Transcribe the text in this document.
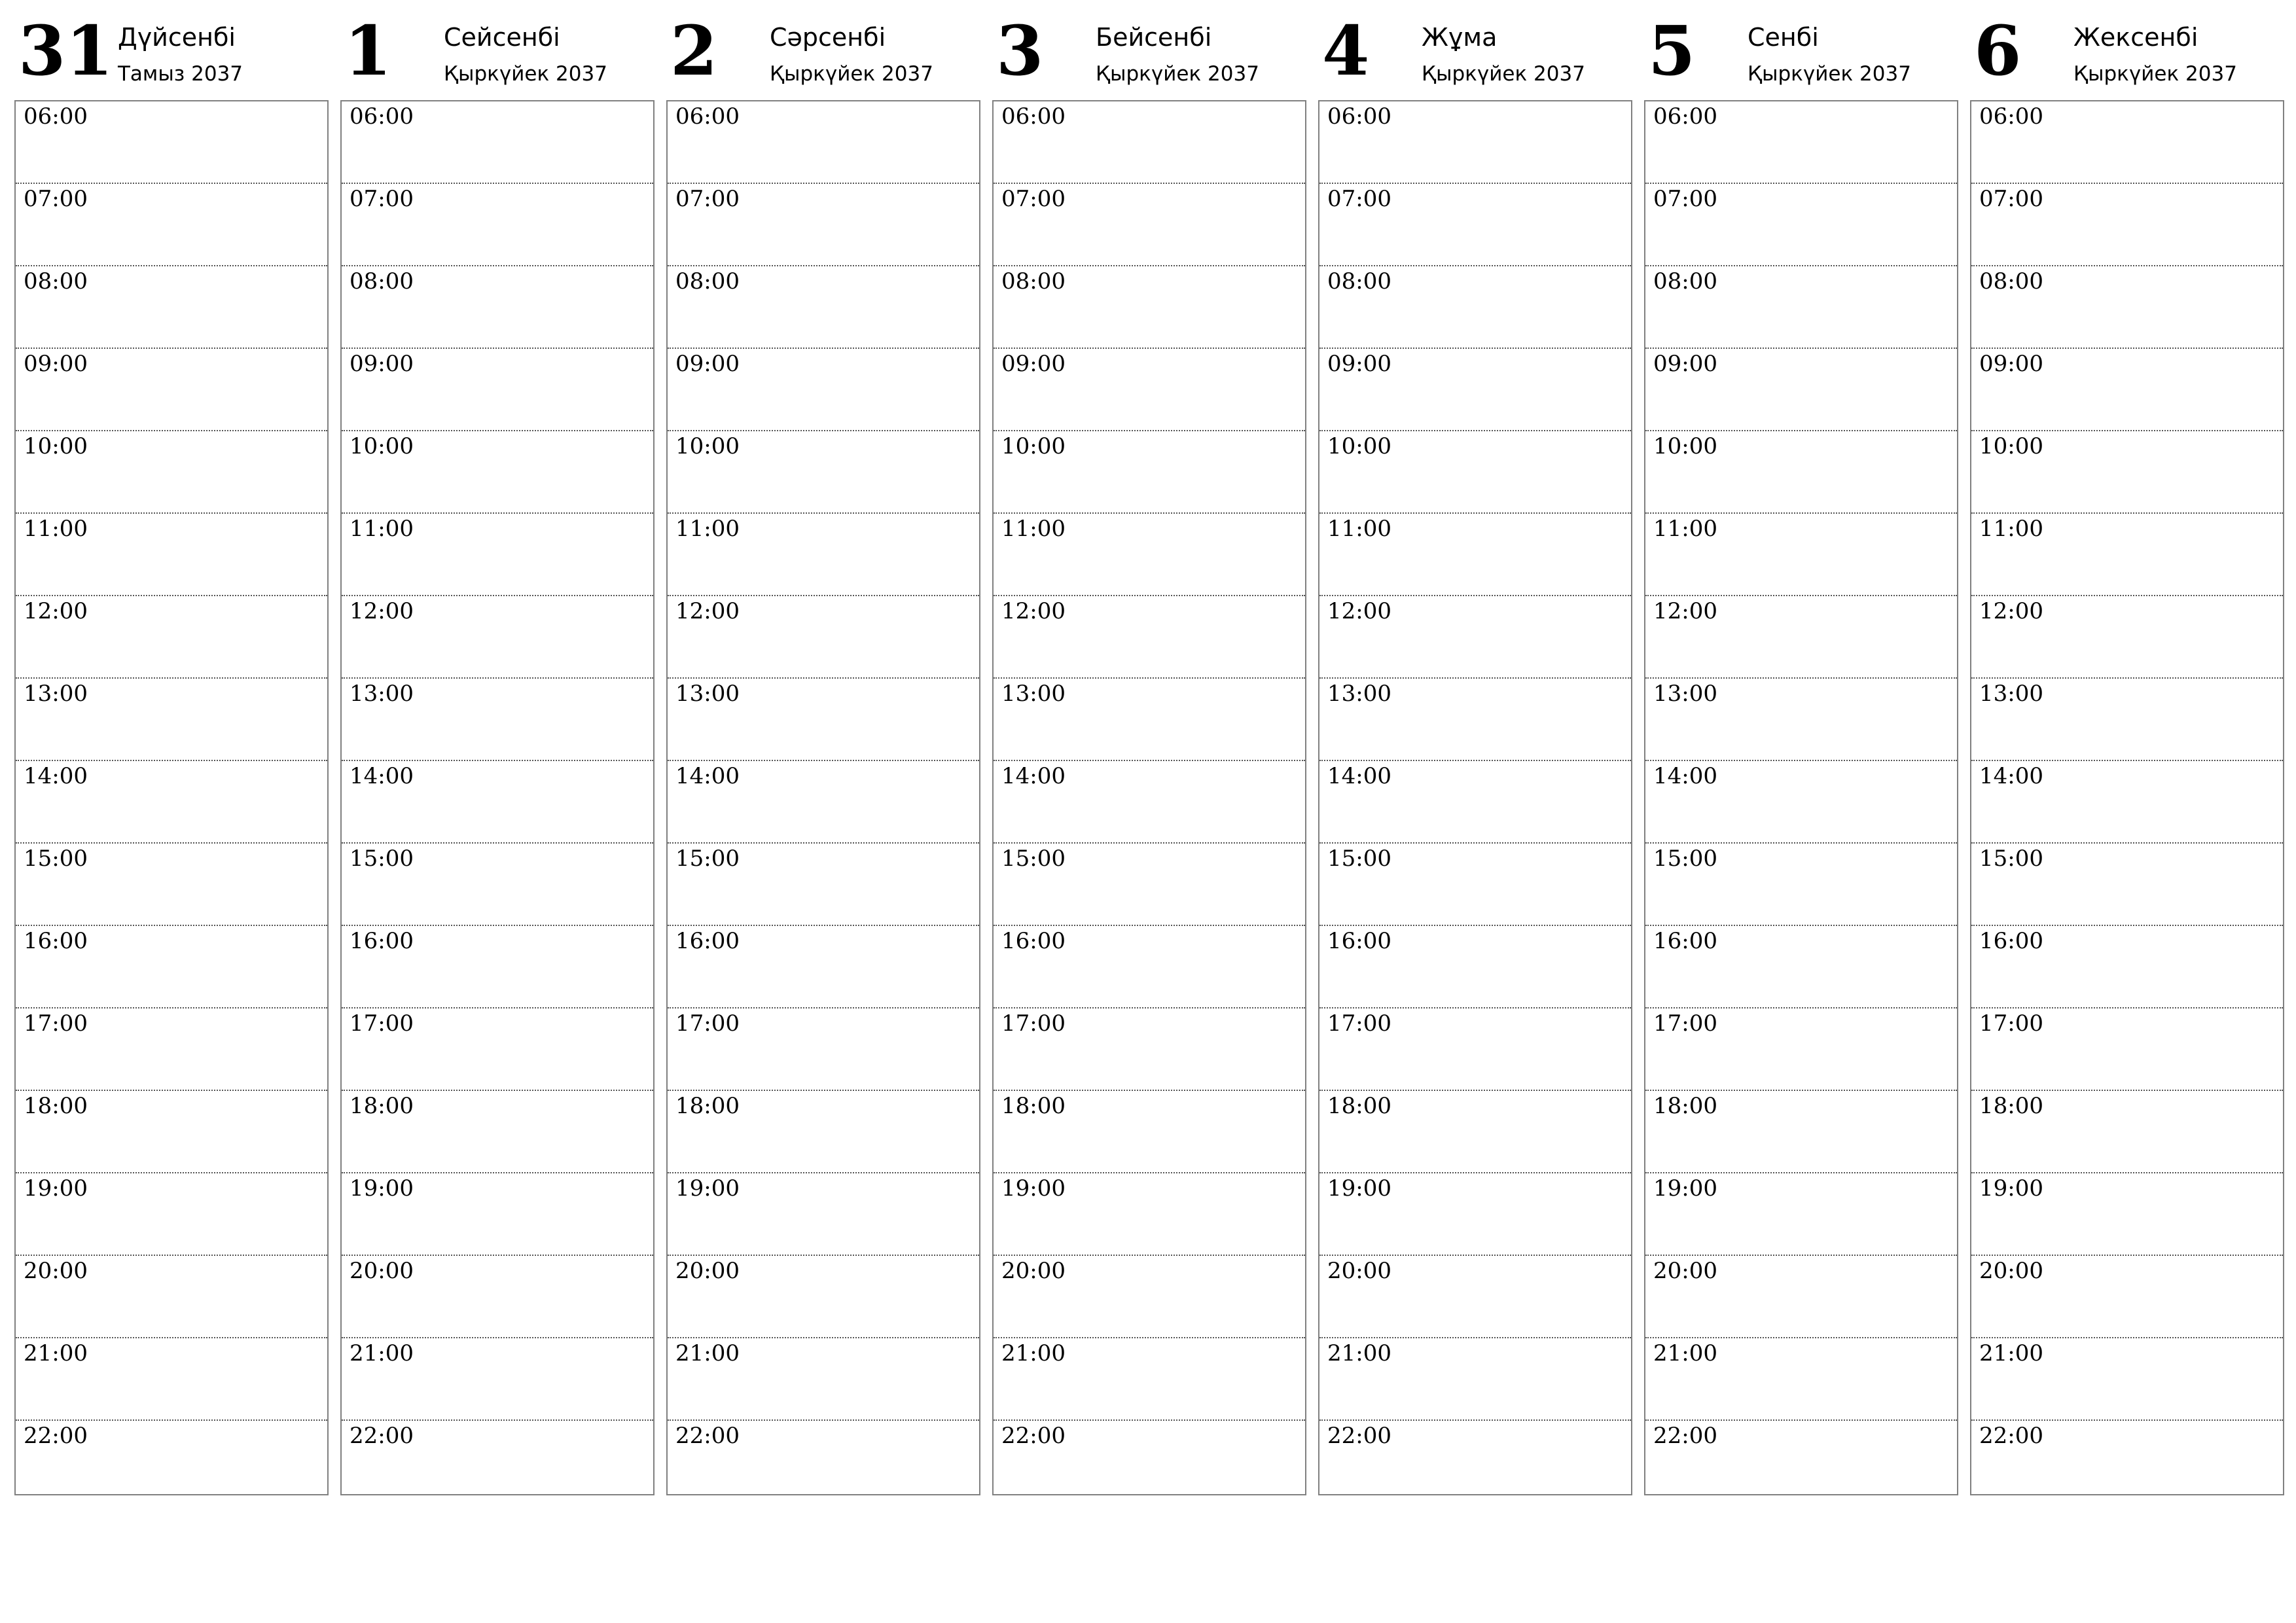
31 Дүйсенбі
Тамыз 2037
06:00
07:00
08:00
09:00
10:00
11:00
12:00
13:00
14:00
15:00
16:00
17:00
18:00
19:00
20:00
21:00
22:00
1 Сейсенбі
Қыркүйек 2037
06:00
07:00
08:00
09:00
10:00
11:00
12:00
13:00
14:00
15:00
16:00
17:00
18:00
19:00
20:00
21:00
22:00
2 Сәрсенбі
Қыркүйек 2037
06:00
07:00
08:00
09:00
10:00
11:00
12:00
13:00
14:00
15:00
16:00
17:00
18:00
19:00
20:00
21:00
22:00
3 Бейсенбі
Қыркүйек 2037
06:00
07:00
08:00
09:00
10:00
11:00
12:00
13:00
14:00
15:00
16:00
17:00
18:00
19:00
20:00
21:00
22:00
4 Жұма
Қыркүйек 2037
06:00
07:00
08:00
09:00
10:00
11:00
12:00
13:00
14:00
15:00
16:00
17:00
18:00
19:00
20:00
21:00
22:00
5 Сенбі
Қыркүйек 2037
06:00
07:00
08:00
09:00
10:00
11:00
12:00
13:00
14:00
15:00
16:00
17:00
18:00
19:00
20:00
21:00
22:00
6 Жексенбі
Қыркүйек 2037
06:00
07:00
08:00
09:00
10:00
11:00
12:00
13:00
14:00
15:00
16:00
17:00
18:00
19:00
20:00
21:00
22:00
